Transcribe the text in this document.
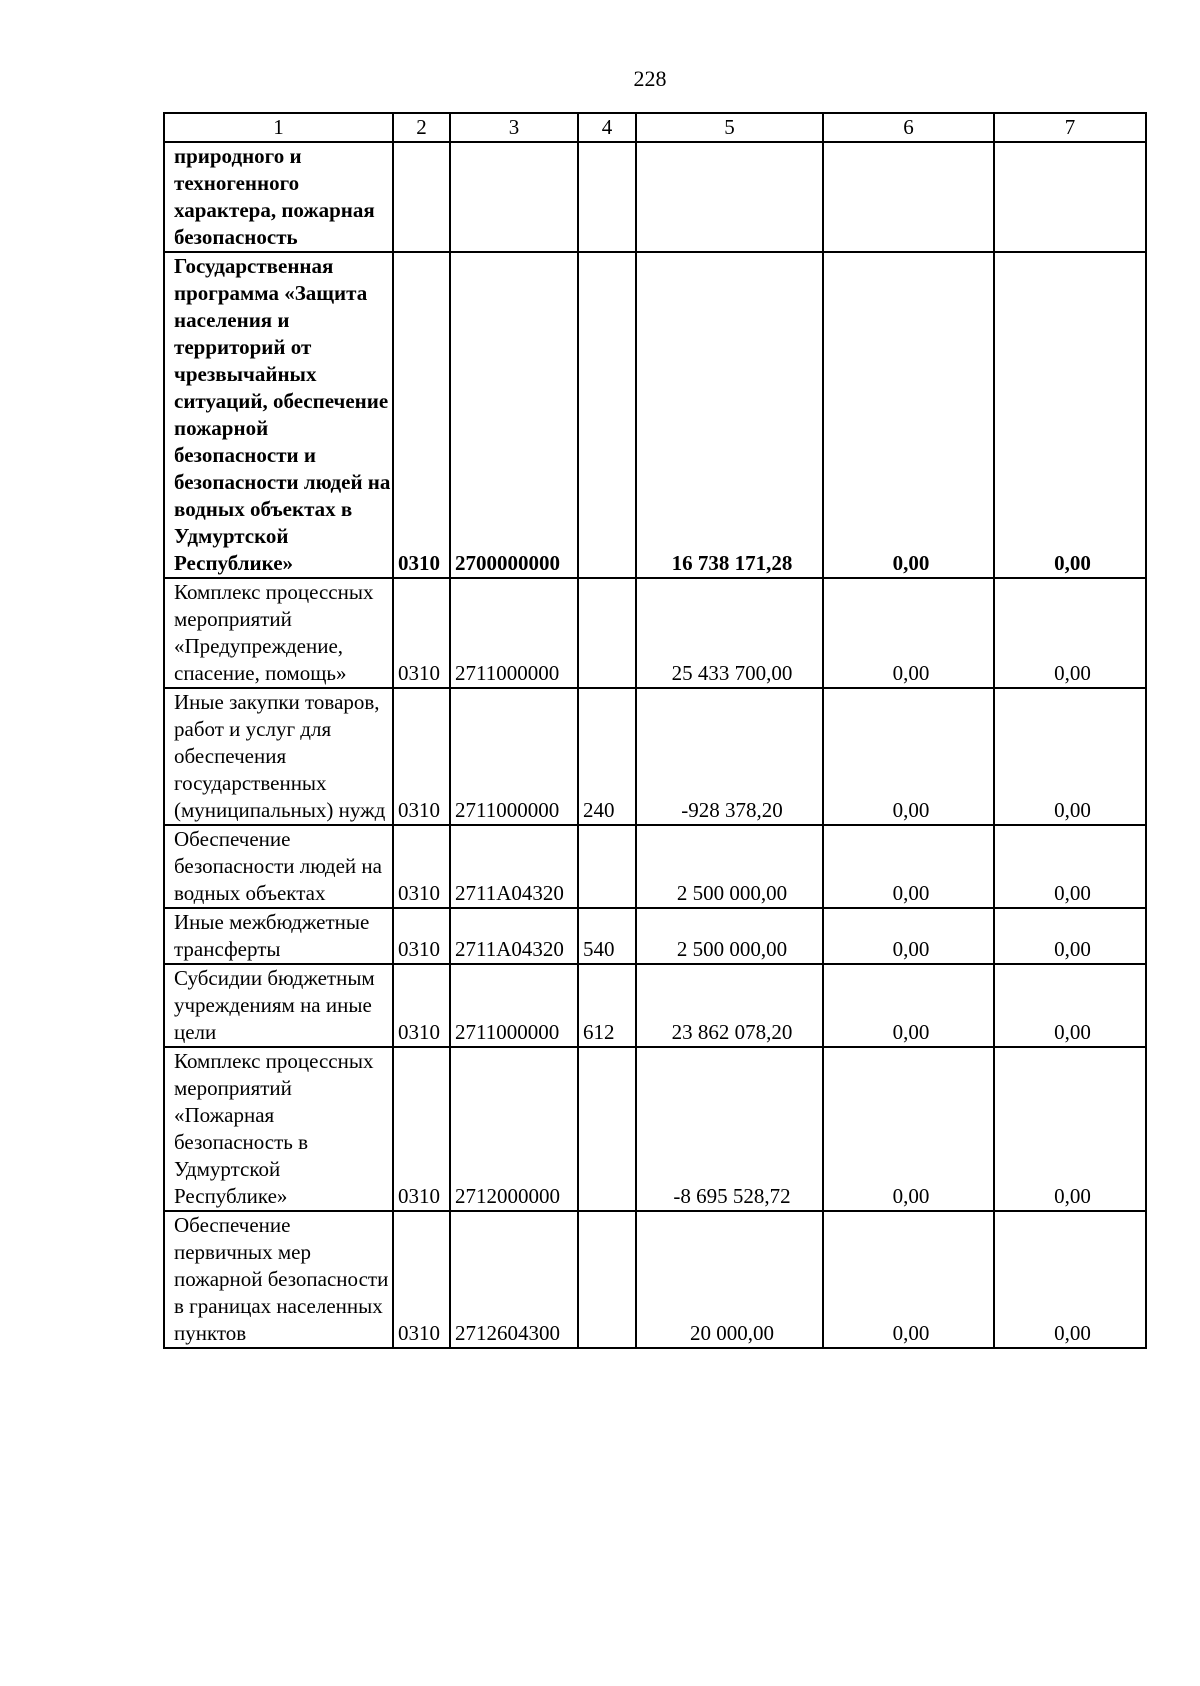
228
1	2	3	4	5	6	7
природного и техногенного характера, пожарная безопасность						
Государственная программа «Защита населения и территорий от чрезвычайных ситуаций, обеспечение пожарной безопасности и безопасности людей на водных объектах в Удмуртской Республике»	0310	2700000000		16 738 171,28	0,00	0,00
Комплекс процессных мероприятий «Предупреждение, спасение, помощь»	0310	2711000000		25 433 700,00	0,00	0,00
Иные закупки товаров, работ и услуг для обеспечения государственных (муниципальных) нужд	0310	2711000000	240	-928 378,20	0,00	0,00
Обеспечение безопасности людей на водных объектах	0310	2711A04320		2 500 000,00	0,00	0,00
Иные межбюджетные трансферты	0310	2711A04320	540	2 500 000,00	0,00	0,00
Субсидии бюджетным учреждениям на иные цели	0310	2711000000	612	23 862 078,20	0,00	0,00
Комплекс процессных мероприятий «Пожарная безопасность в Удмуртской Республике»	0310	2712000000		-8 695 528,72	0,00	0,00
Обеспечение первичных мер пожарной безопасности в границах населенных пунктов	0310	2712604300		20 000,00	0,00	0,00
